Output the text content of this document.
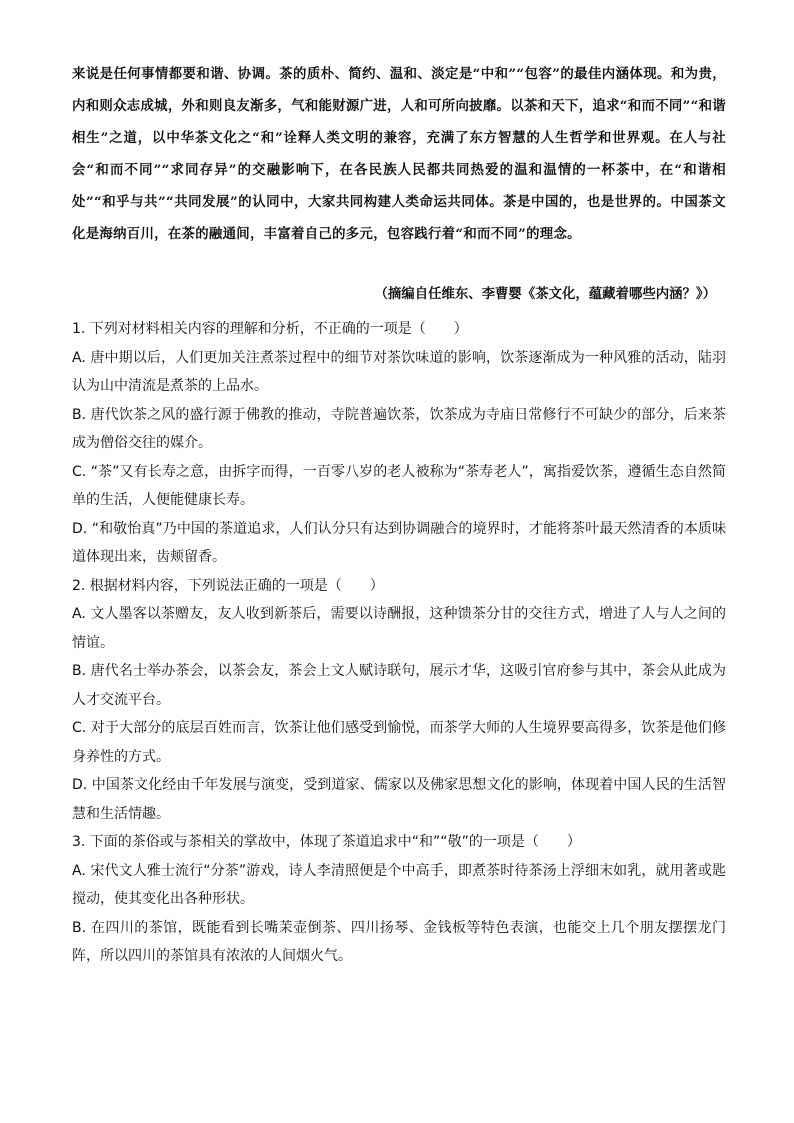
来说是任何事情都要和谐、协调。茶的质朴、简约、温和、淡定是“中和”“包容”的最佳内涵体现。和为贵，内和则众志成城，外和则良友渐多，气和能财源广进，人和可所向披靡。以茶和天下，追求“和而不同”“和谐相生”之道，以中华茶文化之“和”诠释人类文明的兼容，充满了东方智慧的人生哲学和世界观。在人与社会“和而不同”“求同存异”的交融影响下，在各民族人民都共同热爱的温和温情的一杯茶中，在“和谐相处”“和乎与共”“共同发展”的认同中，大家共同构建人类命运共同体。茶是中国的，也是世界的。中国茶文化是海纳百川，在茶的融通间，丰富着自己的多元，包容践行着“和而不同”的理念。
（摘编自任维东、李曹婴《茶文化，蕴藏着哪些内涵？》）

1. 下列对材料相关内容的理解和分析，不正确的一项是（　　）

A. 唐中期以后，人们更加关注煮茶过程中的细节对茶饮味道的影响，饮茶逐渐成为一种风雅的活动，陆羽认为山中清流是煮茶的上品水。

B. 唐代饮茶之风的盛行源于佛教的推动，寺院普遍饮茶，饮茶成为寺庙日常修行不可缺少的部分，后来茶成为僧俗交往的媒介。

C. “茶”又有长寿之意，由拆字而得，一百零八岁的老人被称为“茶寿老人”，寓指爱饮茶，遵循生态自然简单的生活，人便能健康长寿。

D. “和敬怡真”乃中国的茶道追求，人们认分只有达到协调融合的境界时，才能将茶叶最天然清香的本质味道体现出来，齿颊留香。

2. 根据材料内容，下列说法正确的一项是（　　）

A. 文人墨客以茶赠友，友人收到新茶后，需要以诗酬报，这种馈茶分甘的交往方式，增进了人与人之间的情谊。

B. 唐代名士举办茶会，以茶会友，茶会上文人赋诗联句，展示才华，这吸引官府参与其中，茶会从此成为人才交流平台。

C. 对于大部分的底层百姓而言，饮茶让他们感受到愉悦，而茶学大师的人生境界要高得多，饮茶是他们修身养性的方式。

D. 中国茶文化经由千年发展与演变，受到道家、儒家以及佛家思想文化的影响，体现着中国人民的生活智慧和生活情趣。

3. 下面的茶俗或与茶相关的掌故中，体现了茶道追求中“和”“敬”的一项是（　　）

A. 宋代文人雅士流行“分茶”游戏，诗人李清照便是个中高手，即煮茶时待茶汤上浮细末如乳，就用著或匙搅动，使其变化出各种形状。

B. 在四川的茶馆，既能看到长嘴茉壶倒茶、四川扬琴、金钱板等特色表演，也能交上几个朋友摆摆龙门阵，所以四川的茶馆具有浓浓的人间烟火气。
